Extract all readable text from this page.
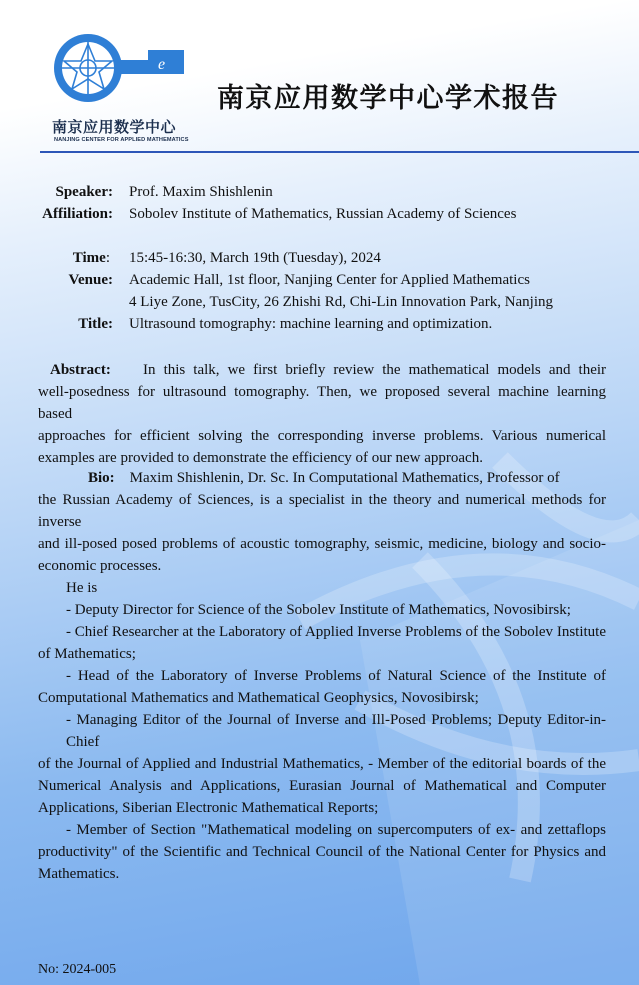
e
南京应用数学中心
NANJING CENTER FOR APPLIED MATHEMATICS
南京应用数学中心学术报告
Speaker: Prof. Maxim Shishlenin
Affiliation: Sobolev Institute of Mathematics, Russian Academy of Sciences
Time: 15:45-16:30, March 19th (Tuesday), 2024
Venue: Academic Hall, 1st floor, Nanjing Center for Applied Mathematics
4 Liye Zone, TusCity, 26 Zhishi Rd, Chi-Lin Innovation Park, Nanjing
Title: Ultrasound tomography: machine learning and optimization.
Abstract: In this talk, we first briefly review the mathematical models and their
well-posedness for ultrasound tomography. Then, we proposed several machine learning based
approaches for efficient solving the corresponding inverse problems. Various numerical
examples are provided to demonstrate the efficiency of our new approach.
Bio: Maxim Shishlenin, Dr. Sc. In Computational Mathematics, Professor of
the Russian Academy of Sciences, is a specialist in the theory and numerical methods for inverse
and ill-posed posed problems of acoustic tomography, seismic, medicine, biology and socio-
economic processes.
He is
- Deputy Director for Science of the Sobolev Institute of Mathematics, Novosibirsk;
- Chief Researcher at the Laboratory of Applied Inverse Problems of the Sobolev Institute
of Mathematics;
- Head of the Laboratory of Inverse Problems of Natural Science of the Institute of
Computational Mathematics and Mathematical Geophysics, Novosibirsk;
- Managing Editor of the Journal of Inverse and Ill-Posed Problems; Deputy Editor-in-Chief
of the Journal of Applied and Industrial Mathematics, - Member of the editorial boards of the
Numerical Analysis and Applications, Eurasian Journal of Mathematical and Computer
Applications, Siberian Electronic Mathematical Reports;
- Member of Section "Mathematical modeling on supercomputers of ex- and zettaflops
productivity" of the Scientific and Technical Council of the National Center for Physics and
Mathematics.
No: 2024-005
